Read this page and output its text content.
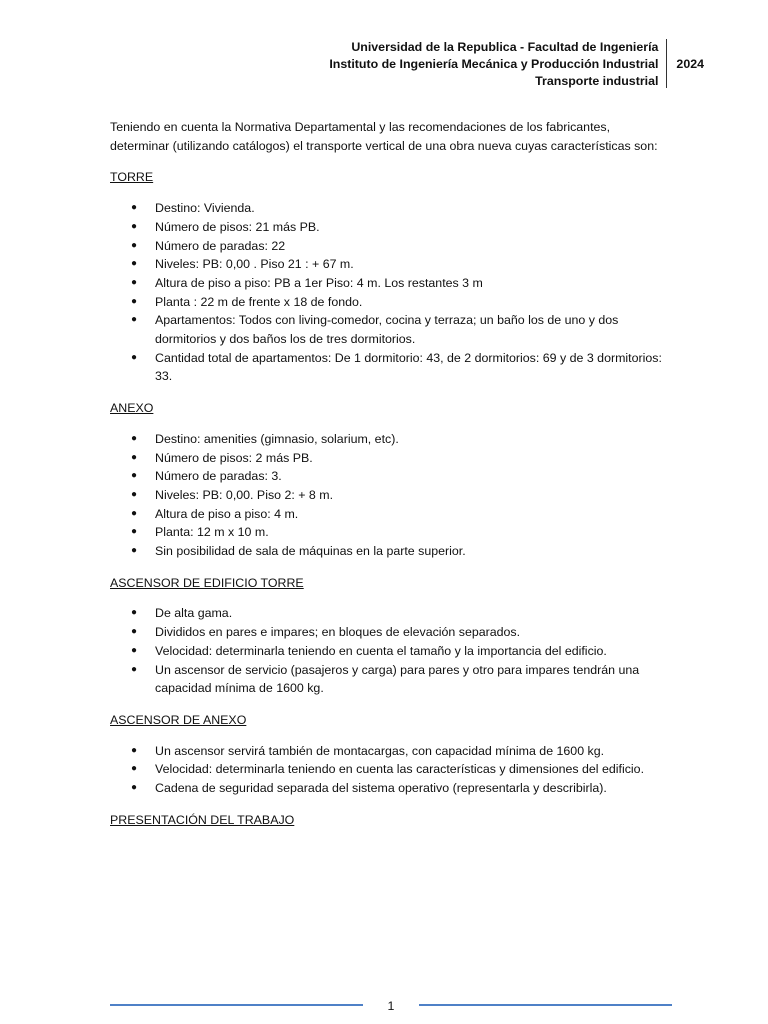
Universidad de la Republica - Facultad de Ingeniería
Instituto de Ingeniería Mecánica y Producción Industrial
Transporte industrial
2024

Teniendo en cuenta la Normativa Departamental y las recomendaciones de los fabricantes, determinar (utilizando catálogos) el transporte vertical de una obra nueva cuyas características son:

TORRE
● Destino: Vivienda.
● Número de pisos: 21 más PB.
● Número de paradas: 22
● Niveles: PB: 0,00 . Piso 21 : + 67 m.
● Altura de piso a piso: PB a 1er Piso: 4 m. Los restantes 3 m
● Planta : 22 m de frente x 18 de fondo.
● Apartamentos: Todos con living-comedor, cocina y terraza; un baño los de uno y dos dormitorios y dos baños los de tres dormitorios.
● Cantidad total de apartamentos: De 1 dormitorio: 43, de 2 dormitorios: 69 y de 3 dormitorios: 33.
ANEXO
● Destino: amenities (gimnasio, solarium, etc).
● Número de pisos: 2 más PB.
● Número de paradas: 3.
● Niveles: PB: 0,00. Piso 2: + 8 m.
● Altura de piso a piso: 4 m.
● Planta: 12 m x 10 m.
● Sin posibilidad de sala de máquinas en la parte superior.
ASCENSOR DE EDIFICIO TORRE
● De alta gama.
● Divididos en pares e impares; en bloques de elevación separados.
● Velocidad: determinarla teniendo en cuenta el tamaño y la importancia del edificio.
● Un ascensor de servicio (pasajeros y carga) para pares y otro para impares tendrán una capacidad mínima de 1600 kg.
ASCENSOR DE ANEXO
● Un ascensor servirá también de montacargas, con capacidad mínima de 1600 kg.
● Velocidad: determinarla teniendo en cuenta las características y dimensiones del edificio.
● Cadena de seguridad separada del sistema operativo (representarla y describirla).
PRESENTACIÓN DEL TRABAJO
1
